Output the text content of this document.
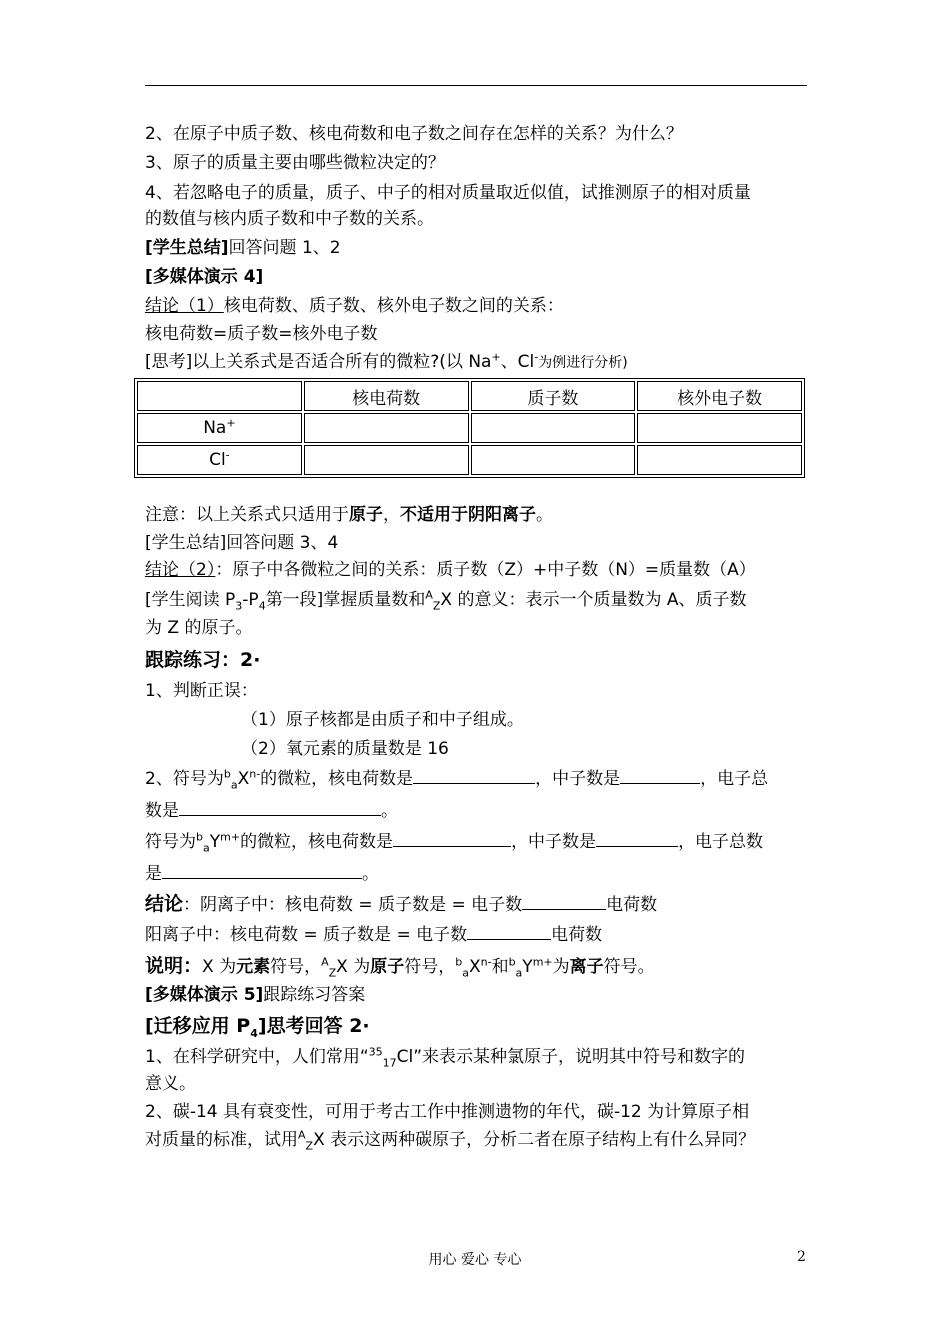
2、在原子中质子数、核电荷数和电子数之间存在怎样的关系？为什么？
3、原子的质量主要由哪些微粒决定的？
4、若忽略电子的质量，质子、中子的相对质量取近似值，试推测原子的相对质量
的数值与核内质子数和中子数的关系。
[学生总结]回答问题 1、2
[多媒体演示 4]
结论（1）核电荷数、质子数、核外电子数之间的关系：
核电荷数=质子数=核外电子数
[思考]以上关系式是否适合所有的微粒?(以 Na+、Cl-为例进行分析)
	核电荷数	质子数	核外电子数
Na+			
Cl-			
注意：以上关系式只适用于原子，不适用于阴阳离子。
[学生总结]回答问题 3、4
结论（2）：原子中各微粒之间的关系：质子数（Z）+中子数（N）=质量数（A）
[学生阅读 $P_3-P_4$第一段]掌握质量数和$^A_Z$X 的意义：表示一个质量数为 A、质子数
为 Z 的原子。
跟踪练习：2·
1、判断正误：
（1）原子核都是由质子和中子组成。
（2）氧元素的质量数是 16
2、符号为$^b_aX^{n-}$的微粒，核电荷数是	，中子数是	，电子总
数是	。
符号为$^b_aY^{m+}$的微粒，核电荷数是	，中子数是	，电子总数
是	。
结论：阴离子中：核电荷数 = 质子数是 = 电子数	电荷数
阳离子中：核电荷数 = 质子数是 = 电子数	电荷数
说明：X 为元素符号，$^A_Z$X 为原子符号，$^b_aX^{n-}$和$^b_aY^{m+}$为离子符号。
[多媒体演示 5]跟踪练习答案
[迁移应用 $P_4$]思考回答 2·
1、在科学研究中，人们常用“$^{35}_{17}$Cl”来表示某种氯原子，说明其中符号和数字的
意义。
2、碳-14 具有衰变性，可用于考古工作中推测遗物的年代，碳-12 为计算原子相
对质量的标准，试用$^A_Z$X 表示这两种碳原子，分析二者在原子结构上有什么异同？
用心 爱心 专心	2
